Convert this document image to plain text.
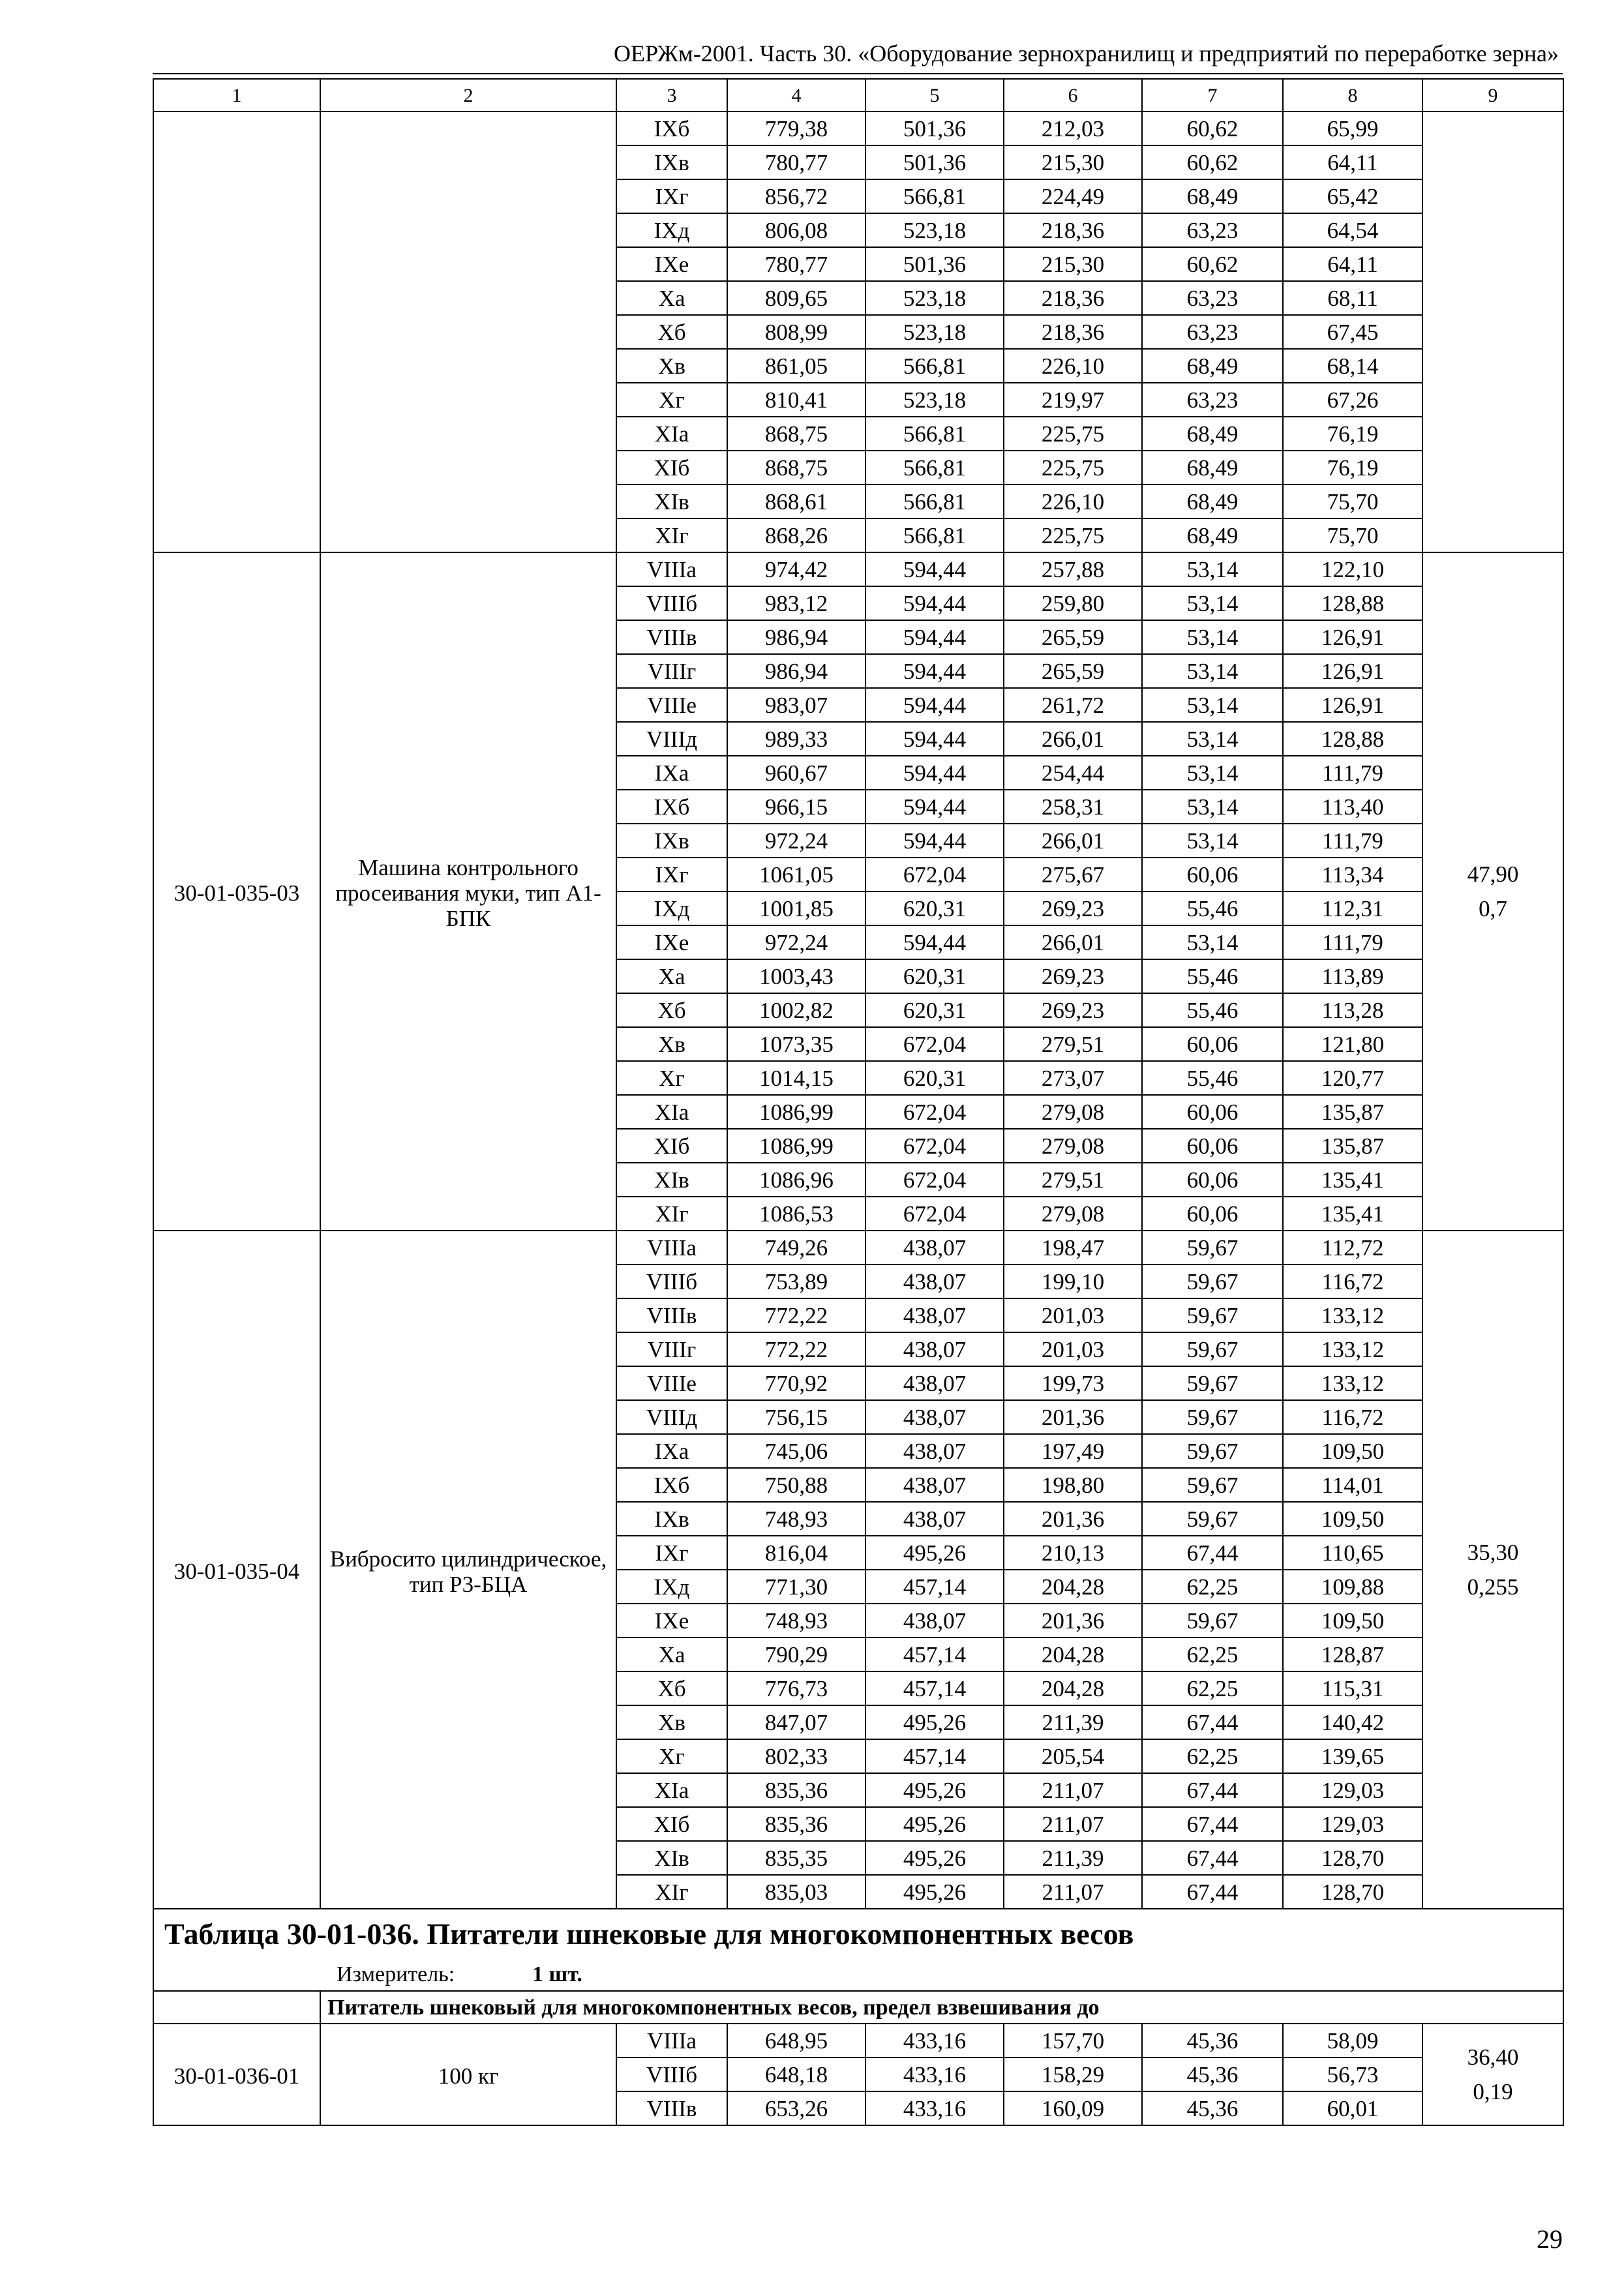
ОЕРЖм-2001. Часть 30. «Оборудование зернохранилищ и предприятий по переработке зерна»
1	2	3	4	5	6	7	8	9
		IXб	779,38	501,36	212,03	60,62	65,99	
		IXв	780,77	501,36	215,30	60,62	64,11	
		IXг	856,72	566,81	224,49	68,49	65,42	
		IXд	806,08	523,18	218,36	63,23	64,54	
		IXе	780,77	501,36	215,30	60,62	64,11	
		Xa	809,65	523,18	218,36	63,23	68,11	
		Xб	808,99	523,18	218,36	63,23	67,45	
		Xв	861,05	566,81	226,10	68,49	68,14	
		Xг	810,41	523,18	219,97	63,23	67,26	
		XIa	868,75	566,81	225,75	68,49	76,19	
		XIб	868,75	566,81	225,75	68,49	76,19	
		XIв	868,61	566,81	226,10	68,49	75,70	
		XIг	868,26	566,81	225,75	68,49	75,70	
30-01-035-03	Машина контрольного просеивания муки, тип А1-БПК	VIIIa	974,42	594,44	257,88	53,14	122,10	47,90
0,7

		VIIIб	983,12	594,44	259,80	53,14	128,88	
		VIIIв	986,94	594,44	265,59	53,14	126,91	
		VIIIг	986,94	594,44	265,59	53,14	126,91	
		VIIIе	983,07	594,44	261,72	53,14	126,91	
		VIIIд	989,33	594,44	266,01	53,14	128,88	
		IXa	960,67	594,44	254,44	53,14	111,79	
		IXб	966,15	594,44	258,31	53,14	113,40	
		IXв	972,24	594,44	266,01	53,14	111,79	
		IXг	1061,05	672,04	275,67	60,06	113,34	
		IXд	1001,85	620,31	269,23	55,46	112,31	
		IXе	972,24	594,44	266,01	53,14	111,79	
		Xa	1003,43	620,31	269,23	55,46	113,89	
		Xб	1002,82	620,31	269,23	55,46	113,28	
		Xв	1073,35	672,04	279,51	60,06	121,80	
		Xг	1014,15	620,31	273,07	55,46	120,77	
		XIa	1086,99	672,04	279,08	60,06	135,87	
		XIб	1086,99	672,04	279,08	60,06	135,87	
		XIв	1086,96	672,04	279,51	60,06	135,41	
		XIг	1086,53	672,04	279,08	60,06	135,41	
30-01-035-04	Вибросито цилиндрическое, тип Р3-БЦА	VIIIa	749,26	438,07	198,47	59,67	112,72	35,30
0,255

		VIIIб	753,89	438,07	199,10	59,67	116,72	
		VIIIв	772,22	438,07	201,03	59,67	133,12	
		VIIIг	772,22	438,07	201,03	59,67	133,12	
		VIIIе	770,92	438,07	199,73	59,67	133,12	
		VIIIд	756,15	438,07	201,36	59,67	116,72	
		IXa	745,06	438,07	197,49	59,67	109,50	
		IXб	750,88	438,07	198,80	59,67	114,01	
		IXв	748,93	438,07	201,36	59,67	109,50	
		IXг	816,04	495,26	210,13	67,44	110,65	
		IXд	771,30	457,14	204,28	62,25	109,88	
		IXе	748,93	438,07	201,36	59,67	109,50	
		Xa	790,29	457,14	204,28	62,25	128,87	
		Xб	776,73	457,14	204,28	62,25	115,31	
		Xв	847,07	495,26	211,39	67,44	140,42	
		Xг	802,33	457,14	205,54	62,25	139,65	
		XIa	835,36	495,26	211,07	67,44	129,03	
		XIб	835,36	495,26	211,07	67,44	129,03	
		XIв	835,35	495,26	211,39	67,44	128,70	
		XIг	835,03	495,26	211,07	67,44	128,70	
Таблица 30-01-036. Питатели шнековые для многокомпонентных весов								
Измеритель: 1 шт.								
	Питатель шнековый для многокомпонентных весов, предел взвешивания до							
30-01-036-01	100 кг	VIIIa	648,95	433,16	157,70	45,36	58,09	36,40
0,19

		VIIIб	648,18	433,16	158,29	45,36	56,73	
		VIIIв	653,26	433,16	160,09	45,36	60,01	
29
